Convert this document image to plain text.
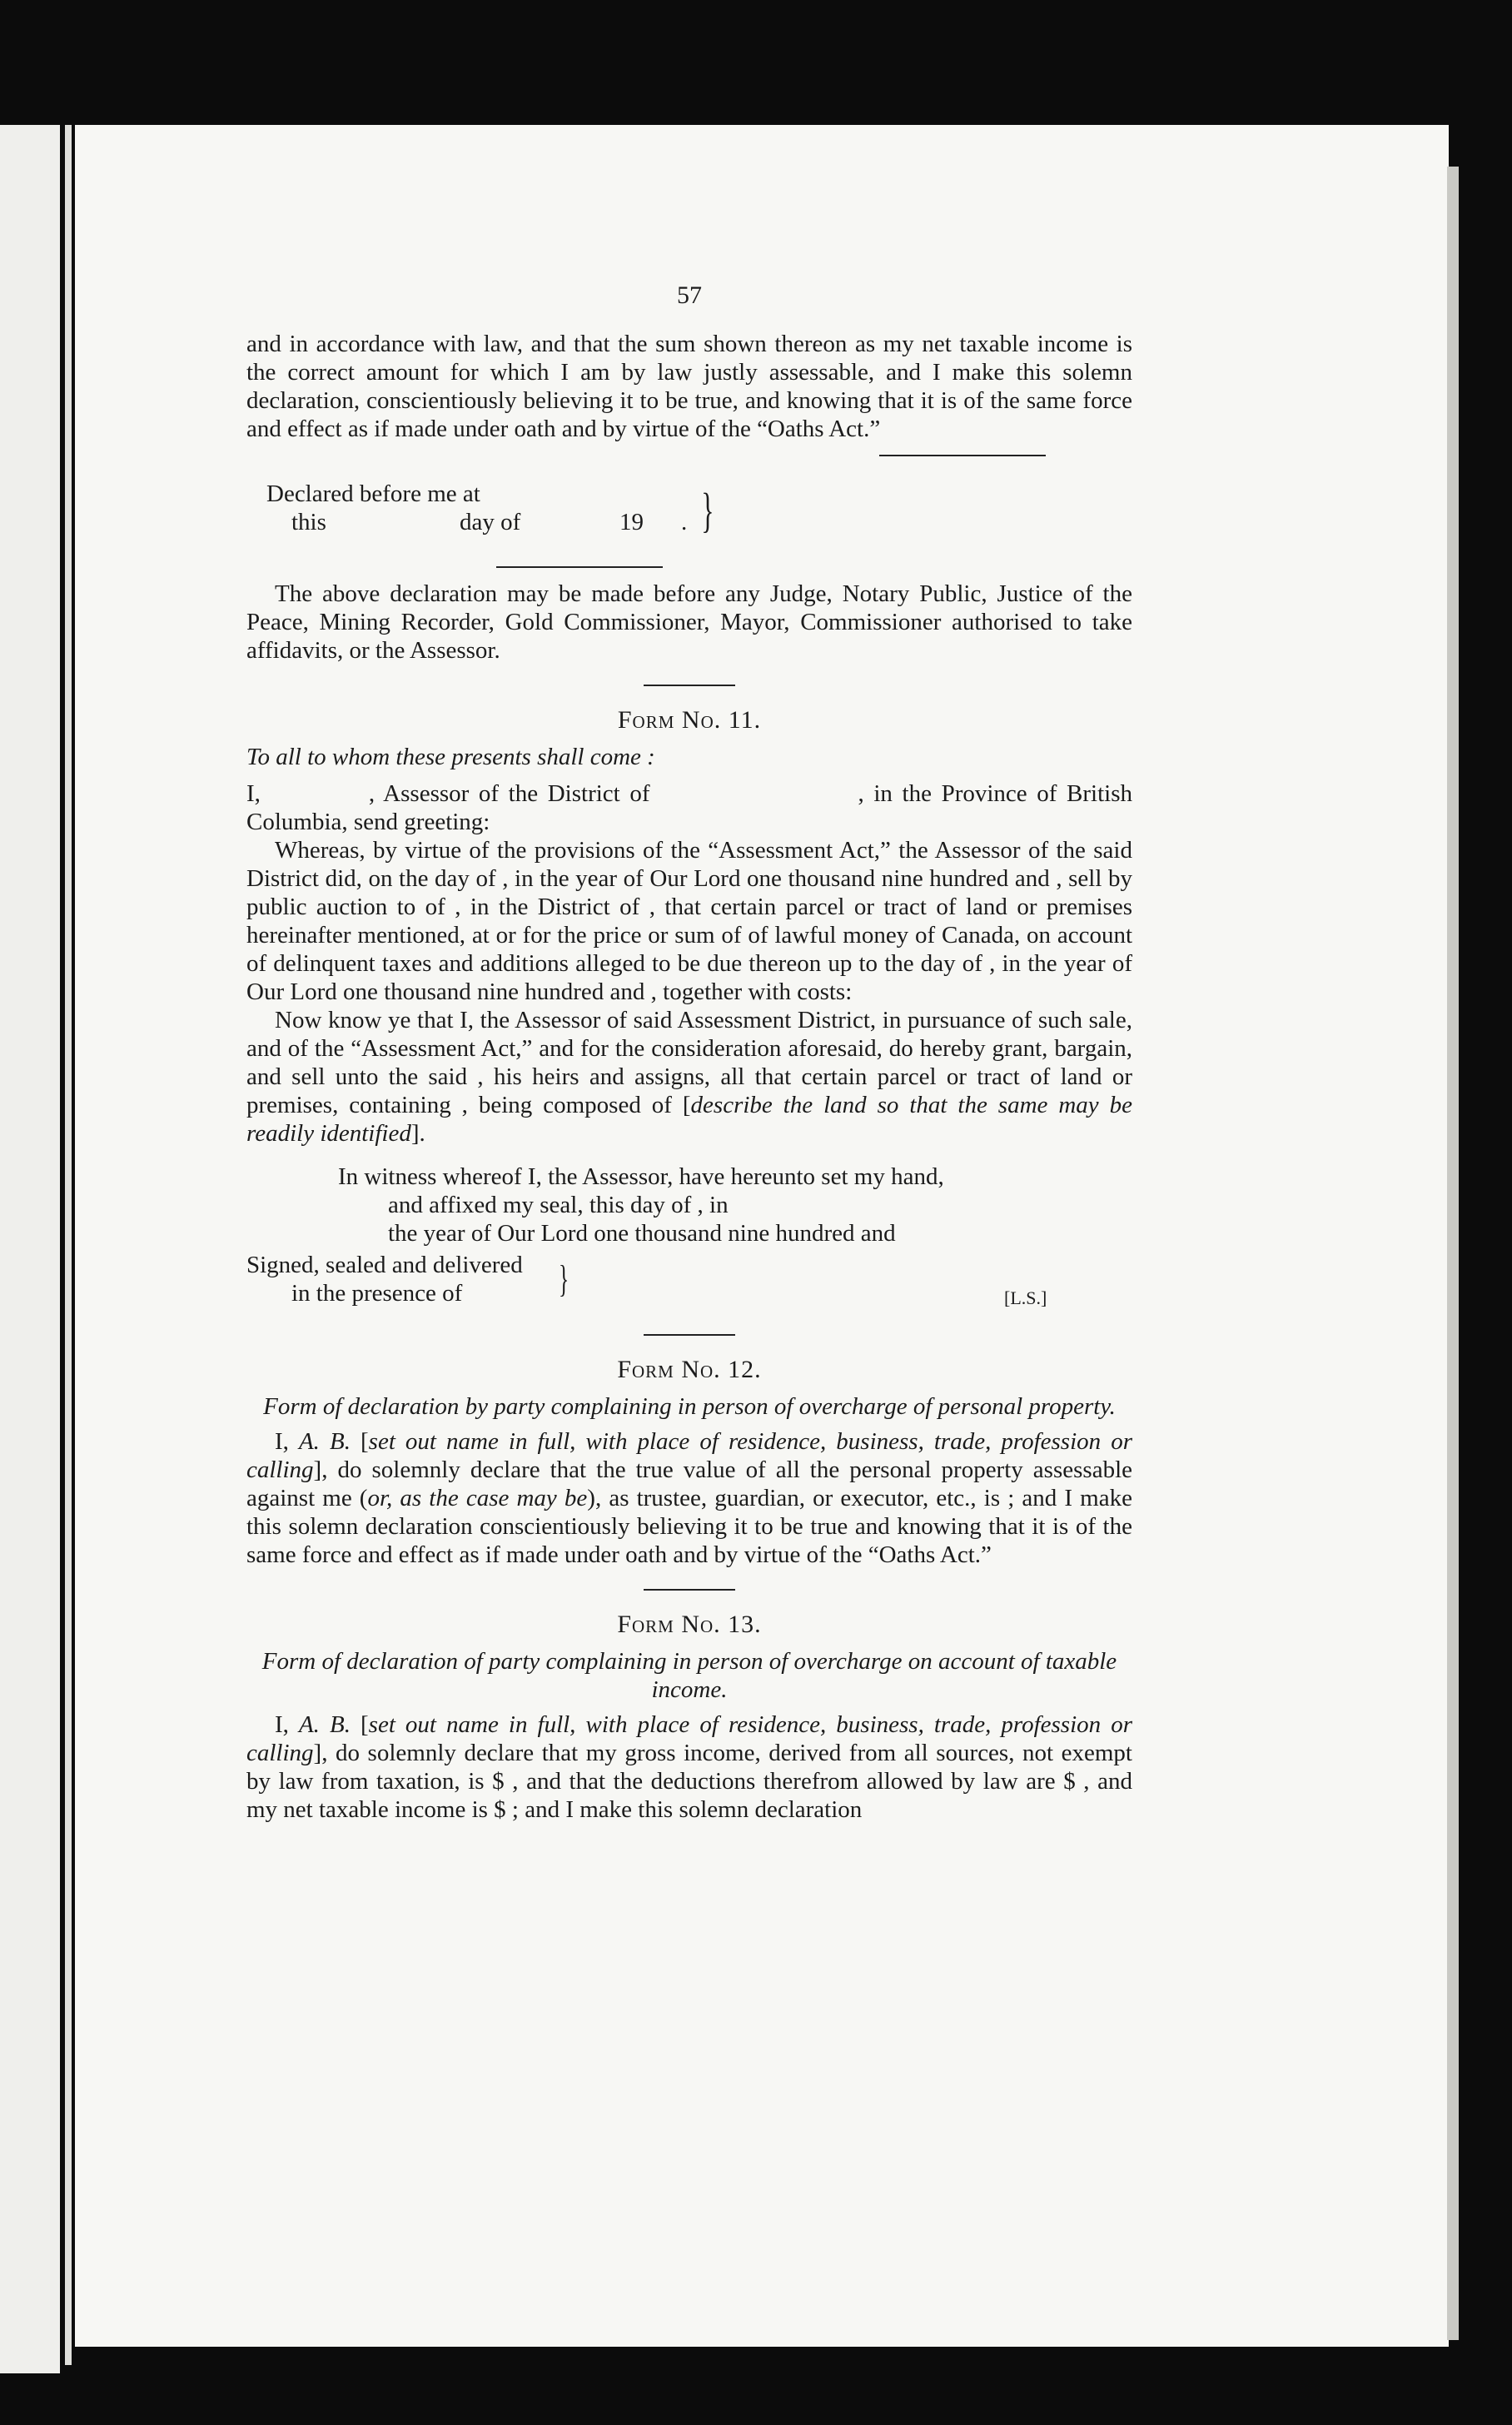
57

and in accordance with law, and that the sum shown thereon as my net taxable income is the correct amount for which I am by law justly assessable, and I make this solemn declaration, conscientiously believing it to be true, and knowing that it is of the same force and effect as if made under oath and by virtue of the “Oaths Act.”

Declared before me at
this	day of	19 . }

The above declaration may be made before any Judge, Notary Public, Justice of the Peace, Mining Recorder, Gold Commissioner, Mayor, Commissioner authorised to take affidavits, or the Assessor.

Form No. 11.

To all to whom these presents shall come :

I,	, Assessor of the District of	, in the Province of British Columbia, send greeting:

Whereas, by virtue of the provisions of the “Assessment Act,” the Assessor of the said District did, on the day of , in the year of Our Lord one thousand nine hundred and , sell by public auction to of , in the District of , that certain parcel or tract of land or premises hereinafter mentioned, at or for the price or sum of of lawful money of Canada, on account of delinquent taxes and additions alleged to be due thereon up to the day of , in the year of Our Lord one thousand nine hundred and , together with costs:

Now know ye that I, the Assessor of said Assessment District, in pursuance of such sale, and of the “Assessment Act,” and for the consideration aforesaid, do hereby grant, bargain, and sell unto the said , his heirs and assigns, all that certain parcel or tract of land or premises, containing , being composed of [describe the land so that the same may be readily identified].

In witness whereof I, the Assessor, have hereunto set my hand,
and affixed my seal, this day of , in
the year of Our Lord one thousand nine hundred and
Signed, sealed and delivered
in the presence of	}	[L.S.]
Form No. 12.
Form of declaration by party complaining in person of overcharge of personal property.

I, A. B. [set out name in full, with place of residence, business, trade, profession or calling], do solemnly declare that the true value of all the personal property assessable against me (or, as the case may be), as trustee, guardian, or executor, etc., is ; and I make this solemn declaration conscientiously believing it to be true and knowing that it is of the same force and effect as if made under oath and by virtue of the “Oaths Act.”

Form No. 13.
Form of declaration of party complaining in person of overcharge on account of taxable income.

I, A. B. [set out name in full, with place of residence, business, trade, profession or calling], do solemnly declare that my gross income, derived from all sources, not exempt by law from taxation, is $ , and that the deductions therefrom allowed by law are $ , and my net taxable income is $ ; and I make this solemn declaration
